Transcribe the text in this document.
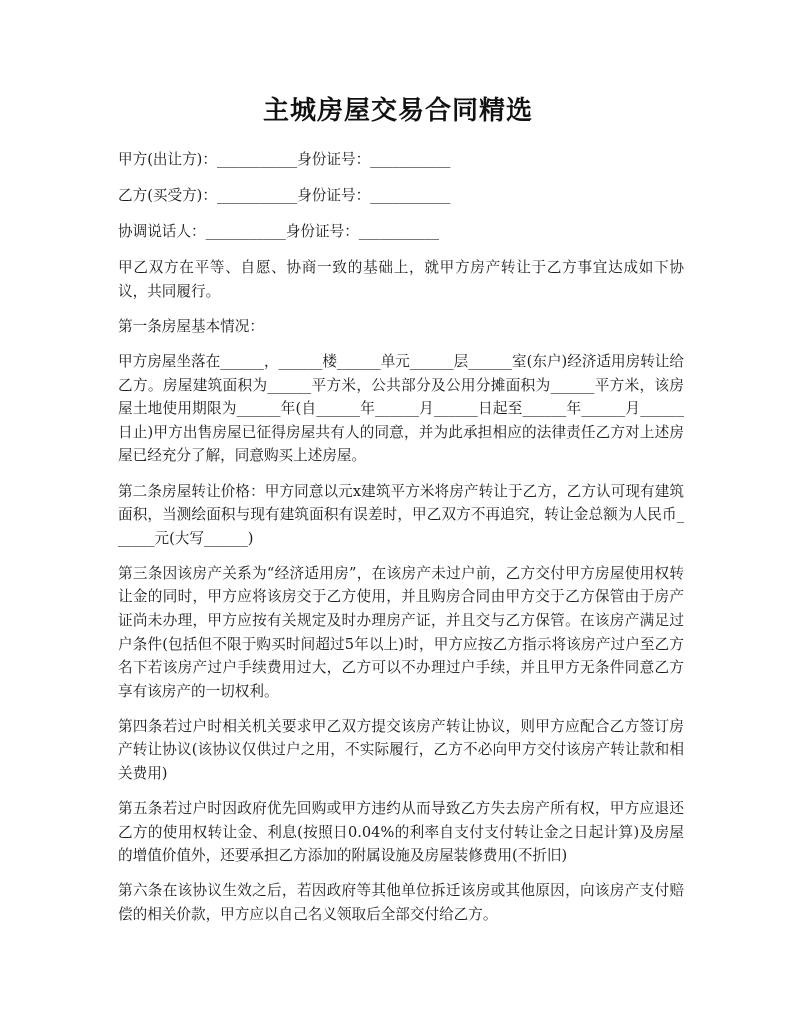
主城房屋交易合同精选

甲方(出让方)：___________身份证号：___________

乙方(买受方)：___________身份证号：___________

协调说话人：___________身份证号：___________

甲乙双方在平等、自愿、协商一致的基础上，就甲方房产转让于乙方事宜达成如下协议，共同履行。

第一条房屋基本情况：

甲方房屋坐落在______，______楼______单元______层______室(东户)经济适用房转让给乙方。房屋建筑面积为______平方米，公共部分及公用分摊面积为______平方米，该房屋土地使用期限为______年(自______年______月______日起至______年______月______日止)甲方出售房屋已征得房屋共有人的同意，并为此承担相应的法律责任乙方对上述房屋已经充分了解，同意购买上述房屋。

第二条房屋转让价格：甲方同意以元x建筑平方米将房产转让于乙方，乙方认可现有建筑面积，当测绘面积与现有建筑面积有误差时，甲乙双方不再追究，转让金总额为人民币______元(大写______)

第三条因该房产关系为“经济适用房”，在该房产未过户前，乙方交付甲方房屋使用权转让金的同时，甲方应将该房交于乙方使用，并且购房合同由甲方交于乙方保管由于房产证尚未办理，甲方应按有关规定及时办理房产证，并且交与乙方保管。在该房产满足过户条件(包括但不限于购买时间超过5年以上)时，甲方应按乙方指示将该房产过户至乙方名下若该房产过户手续费用过大，乙方可以不办理过户手续，并且甲方无条件同意乙方享有该房产的一切权利。

第四条若过户时相关机关要求甲乙双方提交该房产转让协议，则甲方应配合乙方签订房产转让协议(该协议仅供过户之用，不实际履行，乙方不必向甲方交付该房产转让款和相关费用)

第五条若过户时因政府优先回购或甲方违约从而导致乙方失去房产所有权，甲方应退还乙方的使用权转让金、利息(按照日0.04%的利率自支付支付转让金之日起计算)及房屋的增值价值外，还要承担乙方添加的附属设施及房屋装修费用(不折旧)

第六条在该协议生效之后，若因政府等其他单位拆迁该房或其他原因，向该房产支付赔偿的相关价款，甲方应以自己名义领取后全部交付给乙方。
